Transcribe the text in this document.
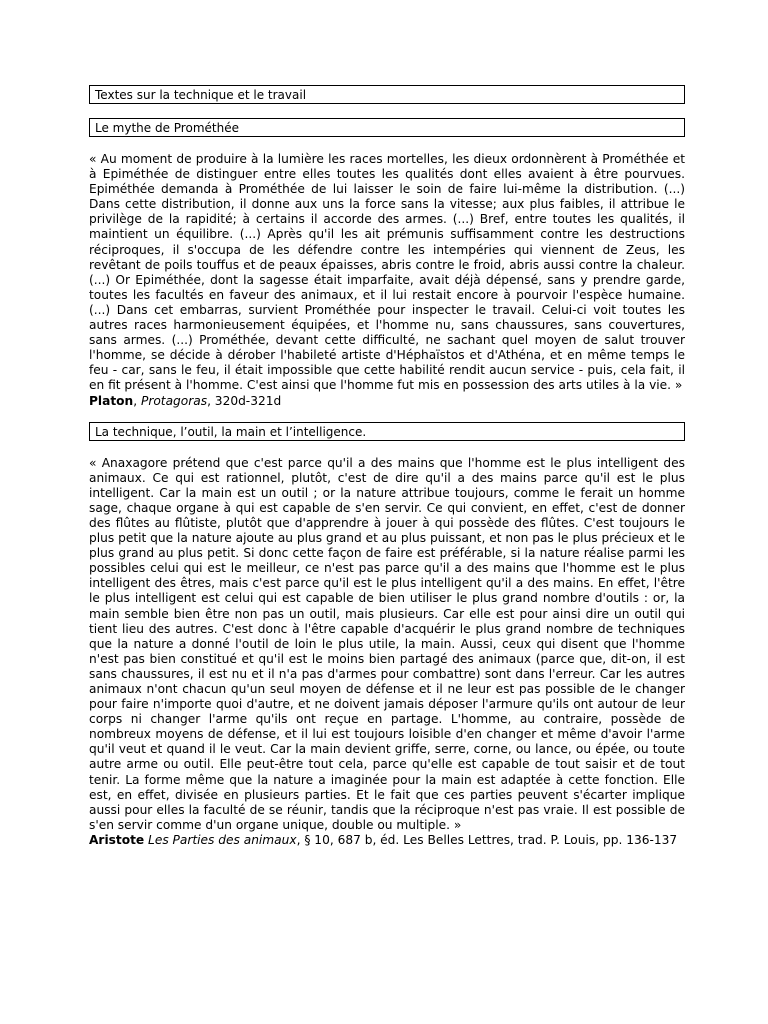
Textes sur la technique et le travail
Le mythe de Prométhée

« Au moment de produire à la lumière les races mortelles, les dieux ordonnèrent à Prométhée et à Epiméthée de distinguer entre elles toutes les qualités dont elles avaient à être pourvues. Epiméthée demanda à Prométhée de lui laisser le soin de faire lui-même la distribution. (...) Dans cette distribution, il donne aux uns la force sans la vitesse; aux plus faibles, il attribue le privilège de la rapidité; à certains il accorde des armes. (...) Bref, entre toutes les qualités, il maintient un équilibre. (...) Après qu'il les ait prémunis suffisamment contre les destructions réciproques, il s'occupa de les défendre contre les intempéries qui viennent de Zeus, les revêtant de poils touffus et de peaux épaisses, abris contre le froid, abris aussi contre la chaleur. (...) Or Epiméthée, dont la sagesse était imparfaite, avait déjà dépensé, sans y prendre garde, toutes les facultés en faveur des animaux, et il lui restait encore à pourvoir l'espèce humaine. (...) Dans cet embarras, survient Prométhée pour inspecter le travail. Celui-ci voit toutes les autres races harmonieusement équipées, et l'homme nu, sans chaussures, sans couvertures, sans armes. (...) Prométhée, devant cette difficulté, ne sachant quel moyen de salut trouver l'homme, se décide à dérober l'habileté artiste d'Héphaïstos et d'Athéna, et en même temps le feu - car, sans le feu, il était impossible que cette habilité rendit aucun service - puis, cela fait, il en fit présent à l'homme. C'est ainsi que l'homme fut mis en possession des arts utiles à la vie. »

Platon, Protagoras, 320d-321d

La technique, l’outil, la main et l’intelligence.

« Anaxagore prétend que c'est parce qu'il a des mains que l'homme est le plus intelligent des animaux. Ce qui est rationnel, plutôt, c'est de dire qu'il a des mains parce qu'il est le plus intelligent. Car la main est un outil ; or la nature attribue toujours, comme le ferait un homme sage, chaque organe à qui est capable de s'en servir. Ce qui convient, en effet, c'est de donner des flûtes au flûtiste, plutôt que d'apprendre à jouer à qui possède des flûtes. C'est toujours le plus petit que la nature ajoute au plus grand et au plus puissant, et non pas le plus précieux et le plus grand au plus petit. Si donc cette façon de faire est préférable, si la nature réalise parmi les possibles celui qui est le meilleur, ce n'est pas parce qu'il a des mains que l'homme est le plus intelligent des êtres, mais c'est parce qu'il est le plus intelligent qu'il a des mains. En effet, l'être le plus intelligent est celui qui est capable de bien utiliser le plus grand nombre d'outils : or, la main semble bien être non pas un outil, mais plusieurs. Car elle est pour ainsi dire un outil qui tient lieu des autres. C'est donc à l'être capable d'acquérir le plus grand nombre de techniques que la nature a donné l'outil de loin le plus utile, la main. Aussi, ceux qui disent que l'homme n'est pas bien constitué et qu'il est le moins bien partagé des animaux (parce que, dit-on, il est sans chaussures, il est nu et il n'a pas d'armes pour combattre) sont dans l'erreur. Car les autres animaux n'ont chacun qu'un seul moyen de défense et il ne leur est pas possible de le changer pour faire n'importe quoi d'autre, et ne doivent jamais déposer l'armure qu'ils ont autour de leur corps ni changer l'arme qu'ils ont reçue en partage. L'homme, au contraire, possède de nombreux moyens de défense, et il lui est toujours loisible d'en changer et même d'avoir l'arme qu'il veut et quand il le veut. Car la main devient griffe, serre, corne, ou lance, ou épée, ou toute autre arme ou outil. Elle peut-être tout cela, parce qu'elle est capable de tout saisir et de tout tenir. La forme même que la nature a imaginée pour la main est adaptée à cette fonction. Elle est, en effet, divisée en plusieurs parties. Et le fait que ces parties peuvent s'écarter implique aussi pour elles la faculté de se réunir, tandis que la réciproque n'est pas vraie. Il est possible de s'en servir comme d'un organe unique, double ou multiple. »

Aristote Les Parties des animaux, § 10, 687 b, éd. Les Belles Lettres, trad. P. Louis, pp. 136-137
